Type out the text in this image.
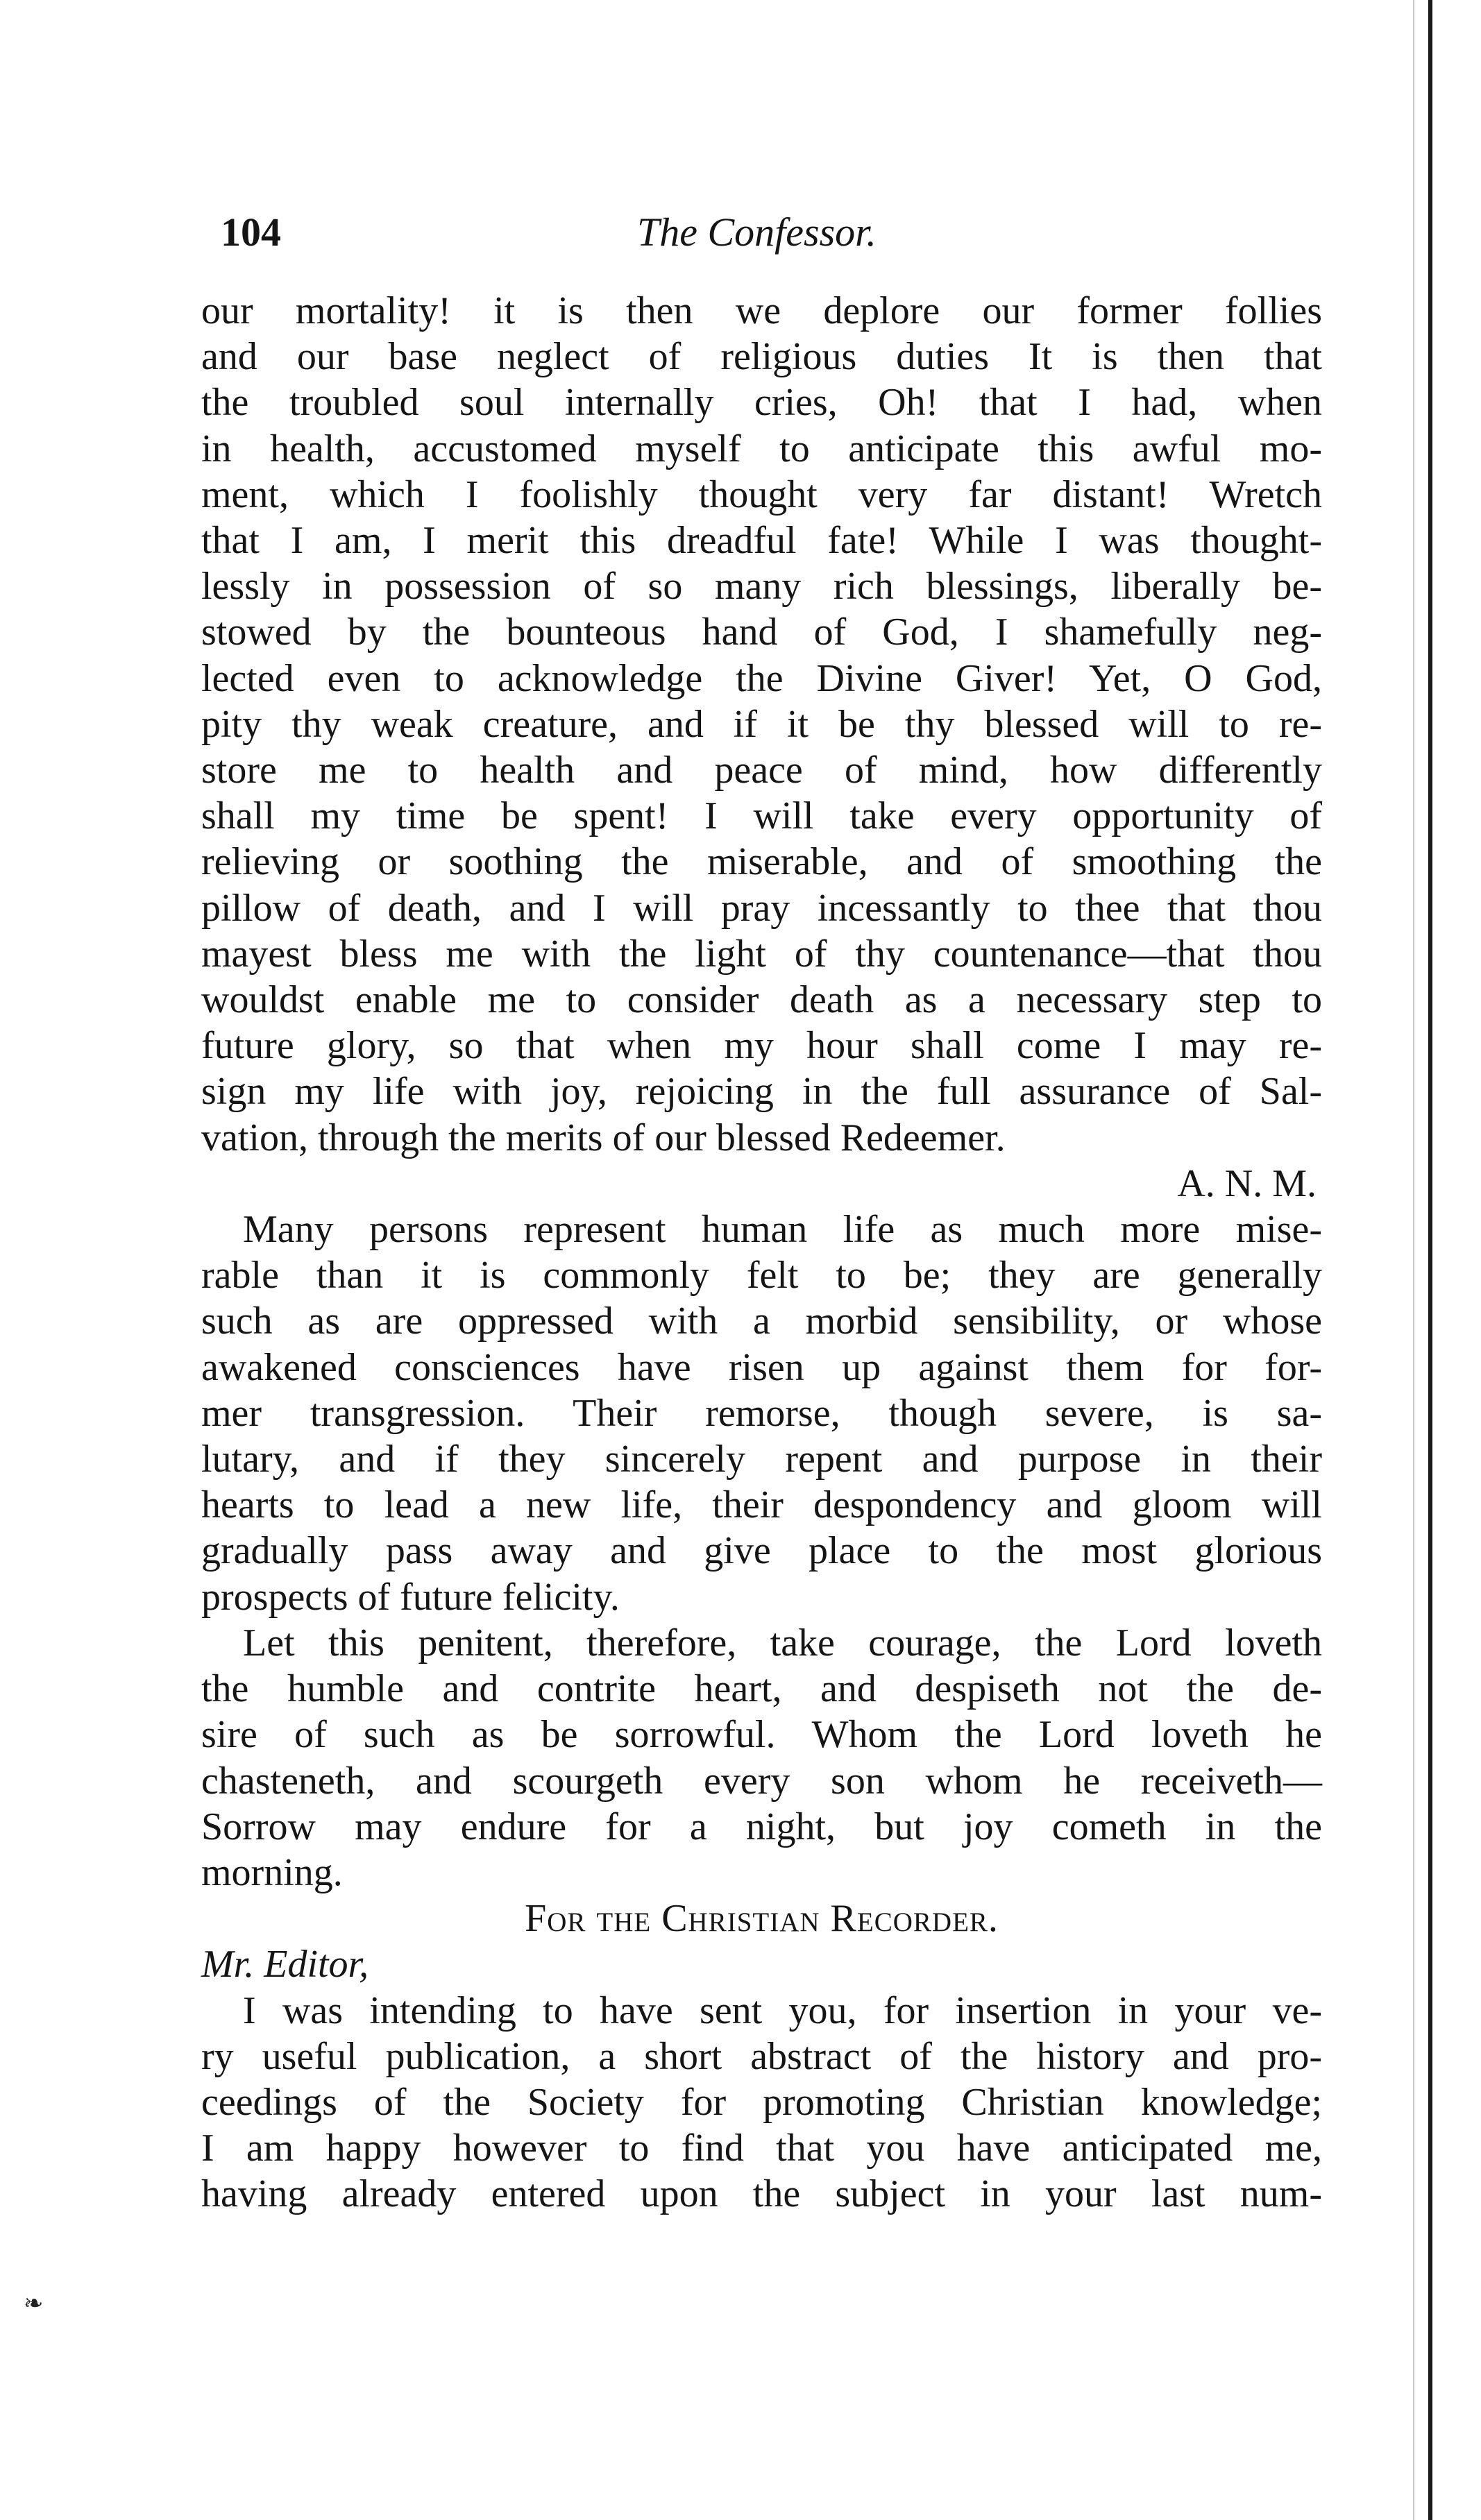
❧
104	The Confessor.
our mortality! it is then we deplore our former follies
and our base neglect of religious duties It is then that
the troubled soul internally cries, Oh! that I had, when
in health, accustomed myself to anticipate this awful mo-
ment, which I foolishly thought very far distant! Wretch
that I am, I merit this dreadful fate! While I was thought-
lessly in possession of so many rich blessings, liberally be-
stowed by the bounteous hand of God, I shamefully neg-
lected even to acknowledge the Divine Giver! Yet, O God,
pity thy weak creature, and if it be thy blessed will to re-
store me to health and peace of mind, how differently
shall my time be spent! I will take every opportunity of
relieving or soothing the miserable, and of smoothing the
pillow of death, and I will pray incessantly to thee that thou
mayest bless me with the light of thy countenance—that thou
wouldst enable me to consider death as a necessary step to
future glory, so that when my hour shall come I may re-
sign my life with joy, rejoicing in the full assurance of Sal-
vation, through the merits of our blessed Redeemer.
A. N. M.
Many persons represent human life as much more mise-
rable than it is commonly felt to be; they are generally
such as are oppressed with a morbid sensibility, or whose
awakened consciences have risen up against them for for-
mer transgression. Their remorse, though severe, is sa-
lutary, and if they sincerely repent and purpose in their
hearts to lead a new life, their despondency and gloom will
gradually pass away and give place to the most glorious
prospects of future felicity.
Let this penitent, therefore, take courage, the Lord loveth
the humble and contrite heart, and despiseth not the de-
sire of such as be sorrowful. Whom the Lord loveth he
chasteneth, and scourgeth every son whom he receiveth—
Sorrow may endure for a night, but joy cometh in the
morning.
For the Christian Recorder.
Mr. Editor,
I was intending to have sent you, for insertion in your ve-
ry useful publication, a short abstract of the history and pro-
ceedings of the Society for promoting Christian knowledge;
I am happy however to find that you have anticipated me,
having already entered upon the subject in your last num-
